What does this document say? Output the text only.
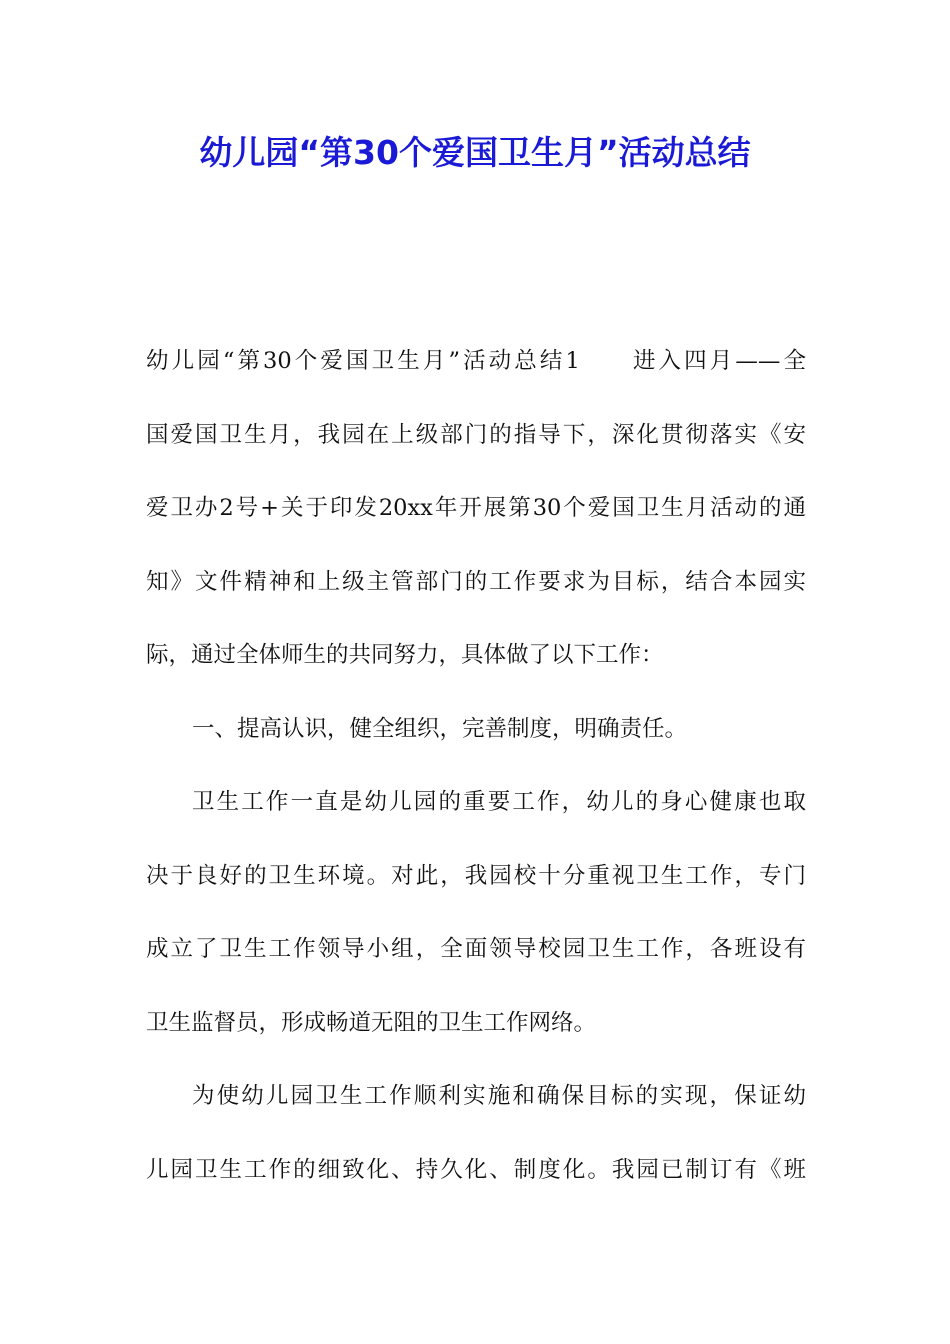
幼儿园“第30个爱国卫生月”活动总结
幼儿园“第30个爱国卫生月”活动总结1 进入四月——全
国爱国卫生月，我园在上级部门的指导下，深化贯彻落实《安
爱卫办2号+关于印发20xx年开展第30个爱国卫生月活动的通
知》文件精神和上级主管部门的工作要求为目标，结合本园实
际，通过全体师生的共同努力，具体做了以下工作：
一、提高认识，健全组织，完善制度，明确责任。
卫生工作一直是幼儿园的重要工作，幼儿的身心健康也取
决于良好的卫生环境。对此，我园校十分重视卫生工作，专门
成立了卫生工作领导小组，全面领导校园卫生工作，各班设有
卫生监督员，形成畅道无阻的卫生工作网络。
为使幼儿园卫生工作顺利实施和确保目标的实现，保证幼
儿园卫生工作的细致化、持久化、制度化。我园已制订有《班
